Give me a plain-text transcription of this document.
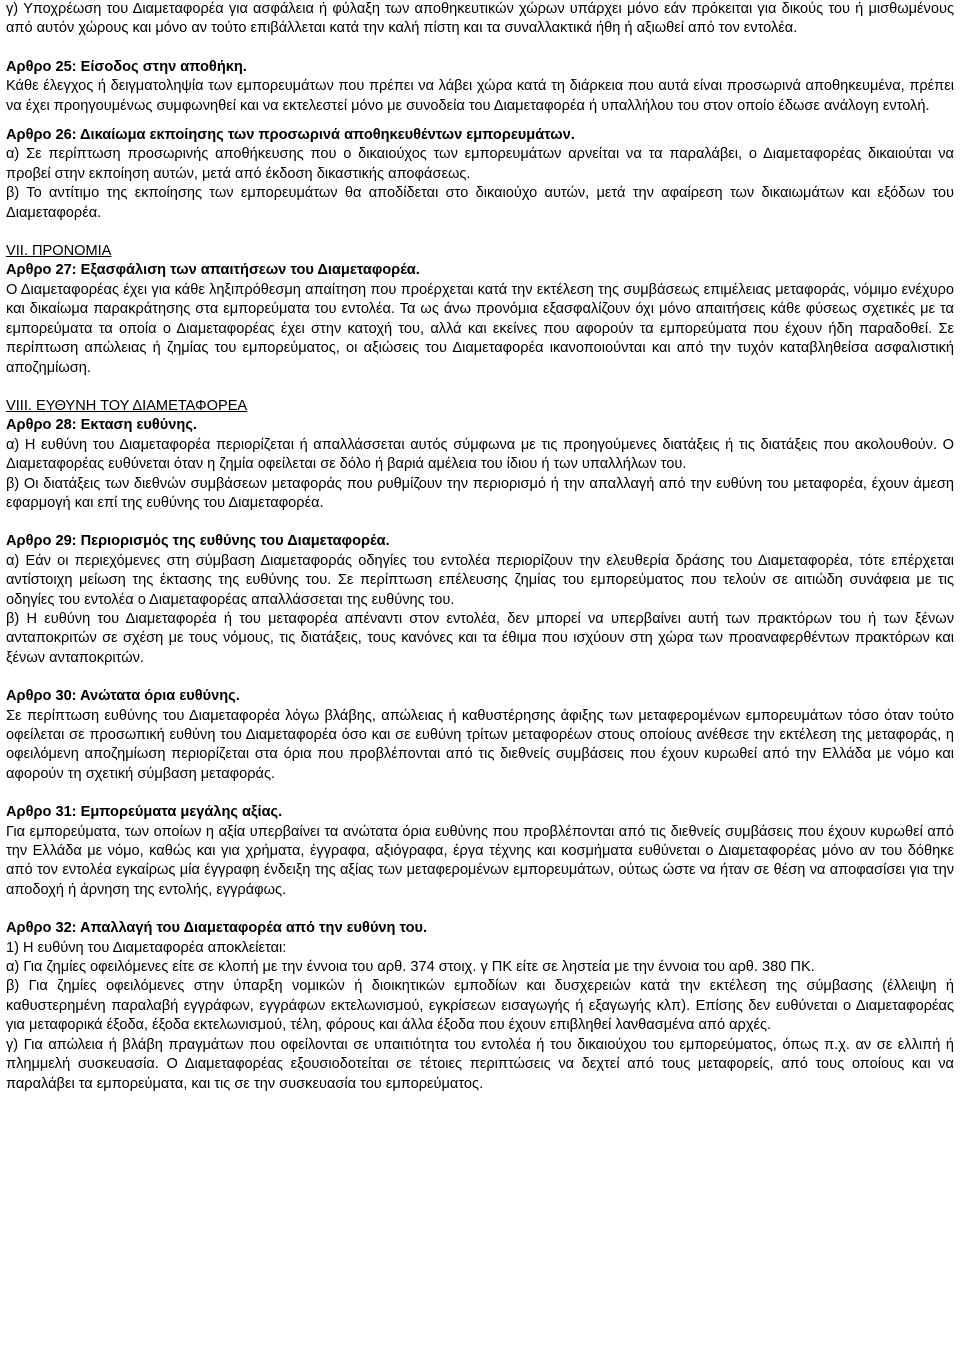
γ) Υποχρέωση του Διαμεταφορέα για ασφάλεια ή φύλαξη των αποθηκευτικών χώρων υπάρχει μόνο εάν πρόκειται για δικούς του ή μισθωμένους από αυτόν χώρους και μόνο αν τούτο επιβάλλεται κατά την καλή πίστη και τα συναλλακτικά ήθη ή αξιωθεί από τον εντολέα.

Αρθρο 25: Είσοδος στην αποθήκη.

Κάθε έλεγχος ή δειγματοληψία των εμπορευμάτων που πρέπει να λάβει χώρα κατά τη διάρκεια που αυτά είναι προσωρινά αποθηκευμένα, πρέπει να έχει προηγουμένως συμφωνηθεί και να εκτελεστεί μόνο με συνοδεία του Διαμεταφορέα ή υπαλλήλου του στον οποίο έδωσε ανάλογη εντολή.

Αρθρο 26: Δικαίωμα εκποίησης των προσωρινά αποθηκευθέντων εμπορευμάτων.

α) Σε περίπτωση προσωρινής αποθήκευσης που ο δικαιούχος των εμπορευμάτων αρνείται να τα παραλάβει, ο Διαμεταφορέας δικαιούται να προβεί στην εκποίηση αυτών, μετά από έκδοση δικαστικής αποφάσεως.

β) Το αντίτιμο της εκποίησης των εμπορευμάτων θα αποδίδεται στο δικαιούχο αυτών, μετά την αφαίρεση των δικαιωμάτων και εξόδων του Διαμεταφορέα.

VII. ΠΡΟΝΟΜΙΑ

Αρθρο 27: Εξασφάλιση των απαιτήσεων του Διαμεταφορέα.

Ο Διαμεταφορέας έχει για κάθε ληξιπρόθεσμη απαίτηση που προέρχεται κατά την εκτέλεση της συμβάσεως επιμέλειας μεταφοράς, νόμιμο ενέχυρο και δικαίωμα παρακράτησης στα εμπορεύματα του εντολέα. Τα ως άνω προνόμια εξασφαλίζουν όχι μόνο απαιτήσεις κάθε φύσεως σχετικές με τα εμπορεύματα τα οποία ο Διαμεταφορέας έχει στην κατοχή του, αλλά και εκείνες που αφορούν τα εμπορεύματα που έχουν ήδη παραδοθεί. Σε περίπτωση απώλειας ή ζημίας του εμπορεύματος, οι αξιώσεις του Διαμεταφορέα ικανοποιούνται και από την τυχόν καταβληθείσα ασφαλιστική αποζημίωση.

VIII. ΕΥΘΥΝΗ ΤΟΥ ΔΙΑΜΕΤΑΦΟΡΕΑ

Αρθρο 28: Εκταση ευθύνης.

α) Η ευθύνη του Διαμεταφορέα περιορίζεται ή απαλλάσσεται αυτός σύμφωνα με τις προηγούμενες διατάξεις ή τις διατάξεις που ακολουθούν. Ο Διαμεταφορέας ευθύνεται όταν η ζημία οφείλεται σε δόλο ή βαριά αμέλεια του ίδιου ή των υπαλλήλων του.

β) Οι διατάξεις των διεθνών συμβάσεων μεταφοράς που ρυθμίζουν την περιορισμό ή την απαλλαγή από την ευθύνη του μεταφορέα, έχουν άμεση εφαρμογή και επί της ευθύνης του Διαμεταφορέα.

Αρθρο 29: Περιορισμός της ευθύνης του Διαμεταφορέα.

α) Εάν οι περιεχόμενες στη σύμβαση Διαμεταφοράς οδηγίες του εντολέα περιορίζουν την ελευθερία δράσης του Διαμεταφορέα, τότε επέρχεται αντίστοιχη μείωση της έκτασης της ευθύνης του. Σε περίπτωση επέλευσης ζημίας του εμπορεύματος που τελούν σε αιτιώδη συνάφεια με τις οδηγίες του εντολέα ο Διαμεταφορέας απαλλάσσεται της ευθύνης του.

β) Η ευθύνη του Διαμεταφορέα ή του μεταφορέα απέναντι στον εντολέα, δεν μπορεί να υπερβαίνει αυτή των πρακτόρων του ή των ξένων ανταποκριτών σε σχέση με τους νόμους, τις διατάξεις, τους κανόνες και τα έθιμα που ισχύουν στη χώρα των προαναφερθέντων πρακτόρων και ξένων ανταποκριτών.

Αρθρο 30: Ανώτατα όρια ευθύνης.

Σε περίπτωση ευθύνης του Διαμεταφορέα λόγω βλάβης, απώλειας ή καθυστέρησης άφιξης των μεταφερομένων εμπορευμάτων τόσο όταν τούτο οφείλεται σε προσωπική ευθύνη του Διαμεταφορέα όσο και σε ευθύνη τρίτων μεταφορέων στους οποίους ανέθεσε την εκτέλεση της μεταφοράς, η οφειλόμενη αποζημίωση περιορίζεται στα όρια που προβλέπονται από τις διεθνείς συμβάσεις που έχουν κυρωθεί από την Ελλάδα με νόμο και αφορούν τη σχετική σύμβαση μεταφοράς.

Αρθρο 31: Εμπορεύματα μεγάλης αξίας.

Για εμπορεύματα, των οποίων η αξία υπερβαίνει τα ανώτατα όρια ευθύνης που προβλέπονται από τις διεθνείς συμβάσεις που έχουν κυρωθεί από την Ελλάδα με νόμο, καθώς και για χρήματα, έγγραφα, αξιόγραφα, έργα τέχνης και κοσμήματα ευθύνεται ο Διαμεταφορέας μόνο αν του δόθηκε από τον εντολέα εγκαίρως μία έγγραφη ένδειξη της αξίας των μεταφερομένων εμπορευμάτων, ούτως ώστε να ήταν σε θέση να αποφασίσει για την αποδοχή ή άρνηση της εντολής, εγγράφως.

Αρθρο 32: Απαλλαγή του Διαμεταφορέα από την ευθύνη του.

1) Η ευθύνη του Διαμεταφορέα αποκλείεται:

α) Για ζημίες οφειλόμενες είτε σε κλοπή με την έννοια του αρθ. 374 στοιχ. γ ΠΚ είτε σε ληστεία με την έννοια του αρθ. 380 ΠΚ.

β) Για ζημίες οφειλόμενες στην ύπαρξη νομικών ή διοικητικών εμποδίων και δυσχερειών κατά την εκτέλεση της σύμβασης (έλλειψη ή καθυστερημένη παραλαβή εγγράφων, εγγράφων εκτελωνισμού, εγκρίσεων εισαγωγής ή εξαγωγής κλπ). Επίσης δεν ευθύνεται ο Διαμεταφορέας για μεταφορικά έξοδα, έξοδα εκτελωνισμού, τέλη, φόρους και άλλα έξοδα που έχουν επιβληθεί λανθασμένα από αρχές.

γ) Για απώλεια ή βλάβη πραγμάτων που οφείλονται σε υπαιτιότητα του εντολέα ή του δικαιούχου του εμπορεύματος, όπως π.χ. αν σε ελλιπή ή πλημμελή συσκευασία. Ο Διαμεταφορέας εξουσιοδοτείται σε τέτοιες περιπτώσεις να δεχτεί από τους μεταφορείς, από τους οποίους και να παραλάβει τα εμπορεύματα, και τις σε την συσκευασία του εμπορεύματος.
